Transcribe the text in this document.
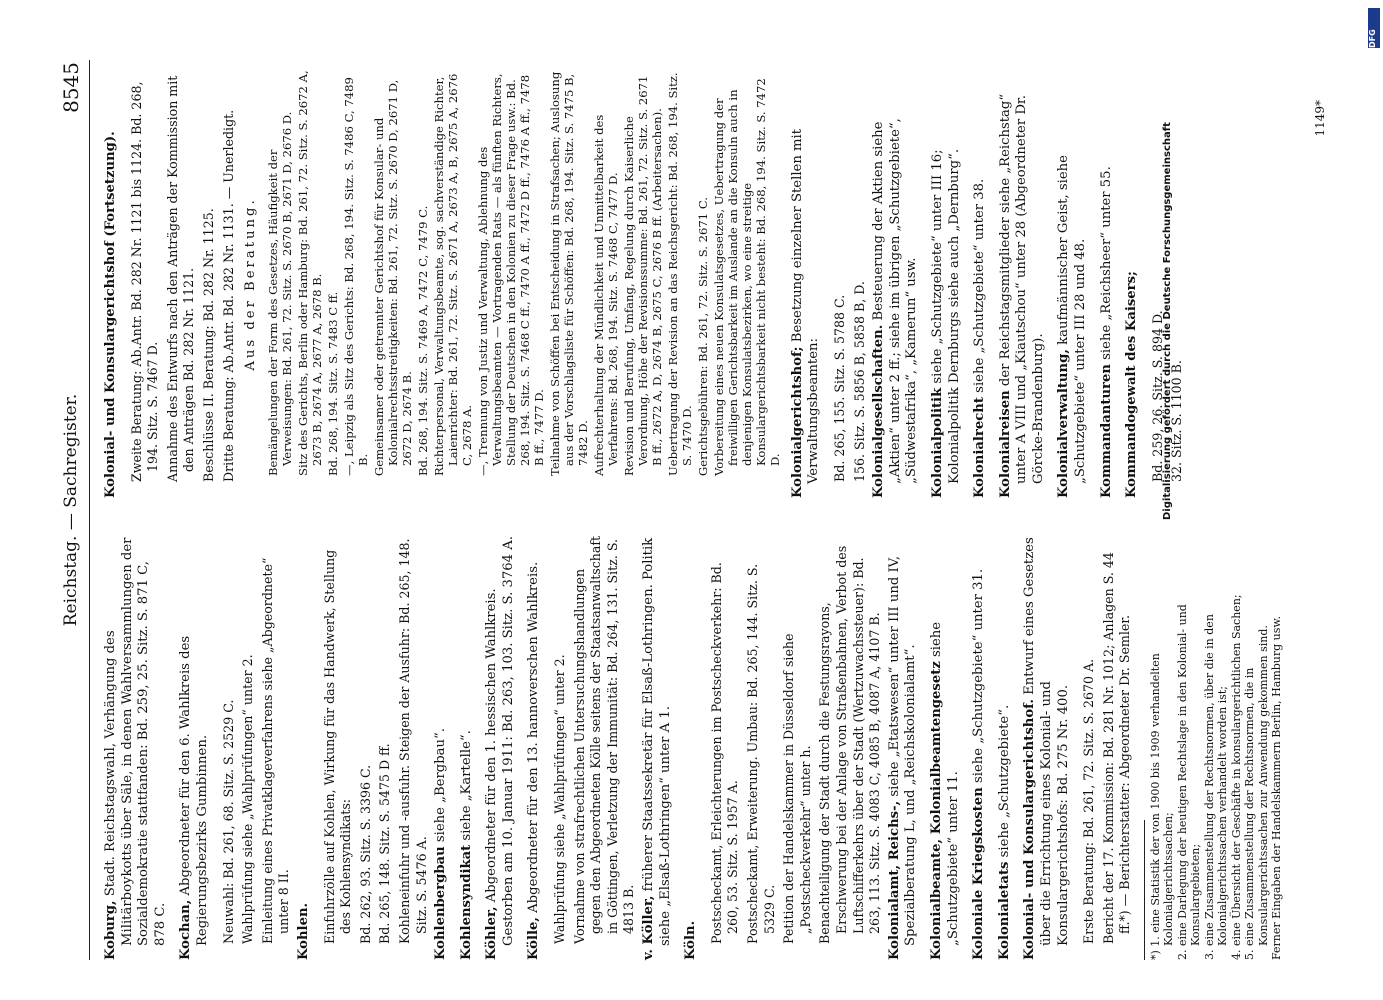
Reichstag. — Sachregister.
8545
Koburg, Stadt. Reichstagswahl, Verhängung des Militärboykotts über Säle, in denen Wahlversammlungen der Sozialdemokratie stattfanden: Bd. 259, 25. Sitz. S. 871 C, 878 C. Kochan, Abgeordneter für den 6. Wahlkreis des Regierungsbezirks Gumbinnen. Neuwahl: Bd. 261, 68. Sitz. S. 2529 C. Wahlprüfung siehe „Wahlprüfungen“ unter 2. Einleitung eines Privatklageverfahrens siehe „Abgeordnete“ unter 8 II. Kohlen. Einfuhrzölle auf Kohlen, Wirkung für das Handwerk, Stellung des Kohlensyndikats: Bd. 262, 93. Sitz. S. 3396 C. Bd. 265, 148. Sitz. S. 5475 D ff. Kohleneinfuhr und -ausfuhr. Steigen der Ausfuhr: Bd. 265, 148. Sitz. S. 5476 A. Kohlenbergbau siehe „Bergbau“.
Kohlensyndikat siehe „Kartelle“.
Köhler, Abgeordneter für den 1. hessischen Wahlkreis. Gestorben am 10. Januar 1911: Bd. 263, 103. Sitz. S. 3764 A. Kölle, Abgeordneter für den 13. hannoverschen Wahlkreis. Wahlprüfung siehe „Wahlprüfungen“ unter 2. Vornahme von strafrechtlichen Untersuchungshandlungen gegen den Abgeordneten Kölle seitens der Staatsanwaltschaft in Göttingen, Verletzung der Immunität: Bd. 264, 131. Sitz. S. 4813 B. v. Köller, früherer Staatssekretär für Elsaß-Lothringen. Politik siehe „Elsaß-Lothringen“ unter A 1. Köln. Postscheckamt, Erleichterungen im Postscheckverkehr: Bd. 260, 53. Sitz. S. 1957 A. Postscheckamt, Erweiterung. Umbau: Bd. 265, 144. Sitz. S. 5329 C. Petition der Handelskammer in Düsseldorf siehe „Postscheckverkehr“ unter h. Benachteiligung der Stadt durch die Festungsrayons, Erschwerung bei der Anlage von Straßenbahnen, Verbot des Luftschifferkehrs über der Stadt (Wertzuwachssteuer): Bd. 263, 113. Sitz. S. 4083 C, 4085 B, 4087 A, 4107 B. Kolonialamt, Reichs-, siehe „Etatswesen“ unter III und IV, Spezialberatung L, und „Reichskolonialamt“. Kolonialbeamte, Kolonialbeamtengesetz siehe „Schutzgebiete“ unter 11. Koloniale Kriegskosten siehe „Schutzgebiete“ unter 31.
Kolonialetats siehe „Schutzgebiete“. Kolonial- und Konsulargerichtshof. Entwurf eines Gesetzes über die Errichtung eines Kolonial- und Konsulargerichtshofs: Bd. 275 Nr. 400. Erste Beratung: Bd. 261, 72. Sitz. S. 2670 A. Bericht der 17. Kommission: Bd. 281 Nr. 1012; Anlagen S. 44 ff.*) — Berichterstatter: Abgeordneter Dr. Semler. *) 1. eine Statistik der von 1900 bis 1909 verhandelten Kolonialgerichtssachen; 2. eine Darlegung der heutigen Rechtslage in den Kolonial- und Konsulargebieten; 3. eine Zusammenstellung der Rechtsnormen, über die in den Kolonialgerichtssachen verhandelt worden ist; 4. eine Übersicht der Geschäfte in konsulargerichtlichen Sachen; 5. eine Zusammenstellung der Rechtsnormen, die in Konsulargerichtssachen zur Anwendung gekommen sind. Ferner Eingaben der Handelskammern Berlin, Hamburg usw.
Kolonial- und Konsulargerichtshof (Fortsetzung). Zweite Beratung: Ab.Antr. Bd. 282 Nr. 1121 bis 1124. Bd. 268, 194. Sitz. S. 7467 D. Annahme des Entwurfs nach den Anträgen der Kommission mit den Anträgen Bd. 282 Nr. 1121. Beschlüsse II. Beratung: Bd. 282 Nr. 1125. Dritte Beratung: Ab.Antr. Bd. 282 Nr. 1131. — Unerledigt. Aus der Beratung. Bemängelungen der Form des Gesetzes, Häufigkeit der Verweisungen: Bd. 261, 72. Sitz. S. 2670 B, 2671 D, 2676 D. Sitz des Gerichts, Berlin oder Hamburg: Bd. 261, 72. Sitz. S. 2672 A, 2673 B, 2674 A, 2677 A, 2678 B. Bd. 268, 194. Sitz. S. 7483 C ff. —, Leipzig als Sitz des Gerichts: Bd. 268, 194. Sitz. S. 7486 C, 7489 B. Gemeinsamer oder getrennter Gerichtshof für Konsular- und Kolonialrechtsstreitigkeiten: Bd. 261, 72. Sitz. S. 2670 D, 2671 D, 2672 D, 2674 B. Bd. 268, 194. Sitz. S. 7469 A, 7472 C, 7479 C. Richterpersonal, Verwaltungsbeamte, sog. sachverständige Richter, Laienrichter: Bd. 261, 72. Sitz. S. 2671 A, 2673 A, B, 2675 A, 2676 C, 2678 A. —, Trennung von Justiz und Verwaltung, Ablehnung des Verwaltungsbeamten — Vortragenden Rats — als fünften Richters, Stellung der Deutschen in den Kolonien zu dieser Frage usw.: Bd. 268, 194. Sitz. S. 7468 C ff., 7470 A ff., 7472 D ff., 7476 A ff., 7478 B ff., 7477 D. Teilnahme von Schöffen bei Entscheidung in Strafsachen; Auslosung aus der Vorschlagsliste für Schöffen: Bd. 268, 194. Sitz. S. 7475 B, 7482 D. Aufrechterhaltung der Mündlichkeit und Unmittelbarkeit des Verfahrens: Bd. 268, 194. Sitz. S. 7468 C, 7477 D. Revision und Berufung, Umfang, Regelung durch Kaiserliche Verordnung, Höhe der Revisionssumme: Bd. 261, 72. Sitz. S. 2671 B ff., 2672 A, D, 2674 B, 2675 C, 2676 B ff. (Arbeitersachen). Uebertragung der Revision an das Reichsgericht: Bd. 268, 194. Sitz. S. 7470 D. Gerichtsgebühren: Bd. 261, 72. Sitz. S. 2671 C. Vorbereitung eines neuen Konsulatsgesetzes, Uebertragung der freiwilligen Gerichtsbarkeit im Auslande an die Konsuln auch in denjenigen Konsulatsbezirken, wo eine streitige Konsulargerichtsbarkeit nicht besteht: Bd. 268, 194. Sitz. S. 7472 D. Kolonialgerichtshof; Besetzung einzelner Stellen mit Verwaltungsbeamten: Bd. 265, 155. Sitz. S. 5788 C. 156. Sitz. S. 5856 B, 5858 B, D. Kolonialgesellschaften. Besteuerung der Aktien siehe „Aktien“ unter 2 ff.; siehe im übrigen „Schutzgebiete“, „Südwestafrika“, „Kamerun“ usw. Kolonialpolitik siehe „Schutzgebiete“ unter III 16; Kolonialpolitik Dernburgs siehe auch „Dernburg“. Kolonialrecht siehe „Schutzgebiete“ unter 38.
Kolonialreisen der Reichstagsmitglieder siehe „Reichstag“ unter A VIII und „Kiautschou“ unter 28 (Abgeordneter Dr. Görcke-Brandenburg). Kolonialverwaltung, kaufmännischer Geist, siehe „Schutzgebiete“ unter III 28 und 48. Kommandanturen siehe „Reichsheer“ unter 55.
Kommandogewalt des Kaisers; Bd. 259, 26. Sitz. S. 894 D. 32. Sitz. S. 1100 B.
1149*
DFG
Digitalisierung gefördert durch die Deutsche Forschungsgemeinschaft
